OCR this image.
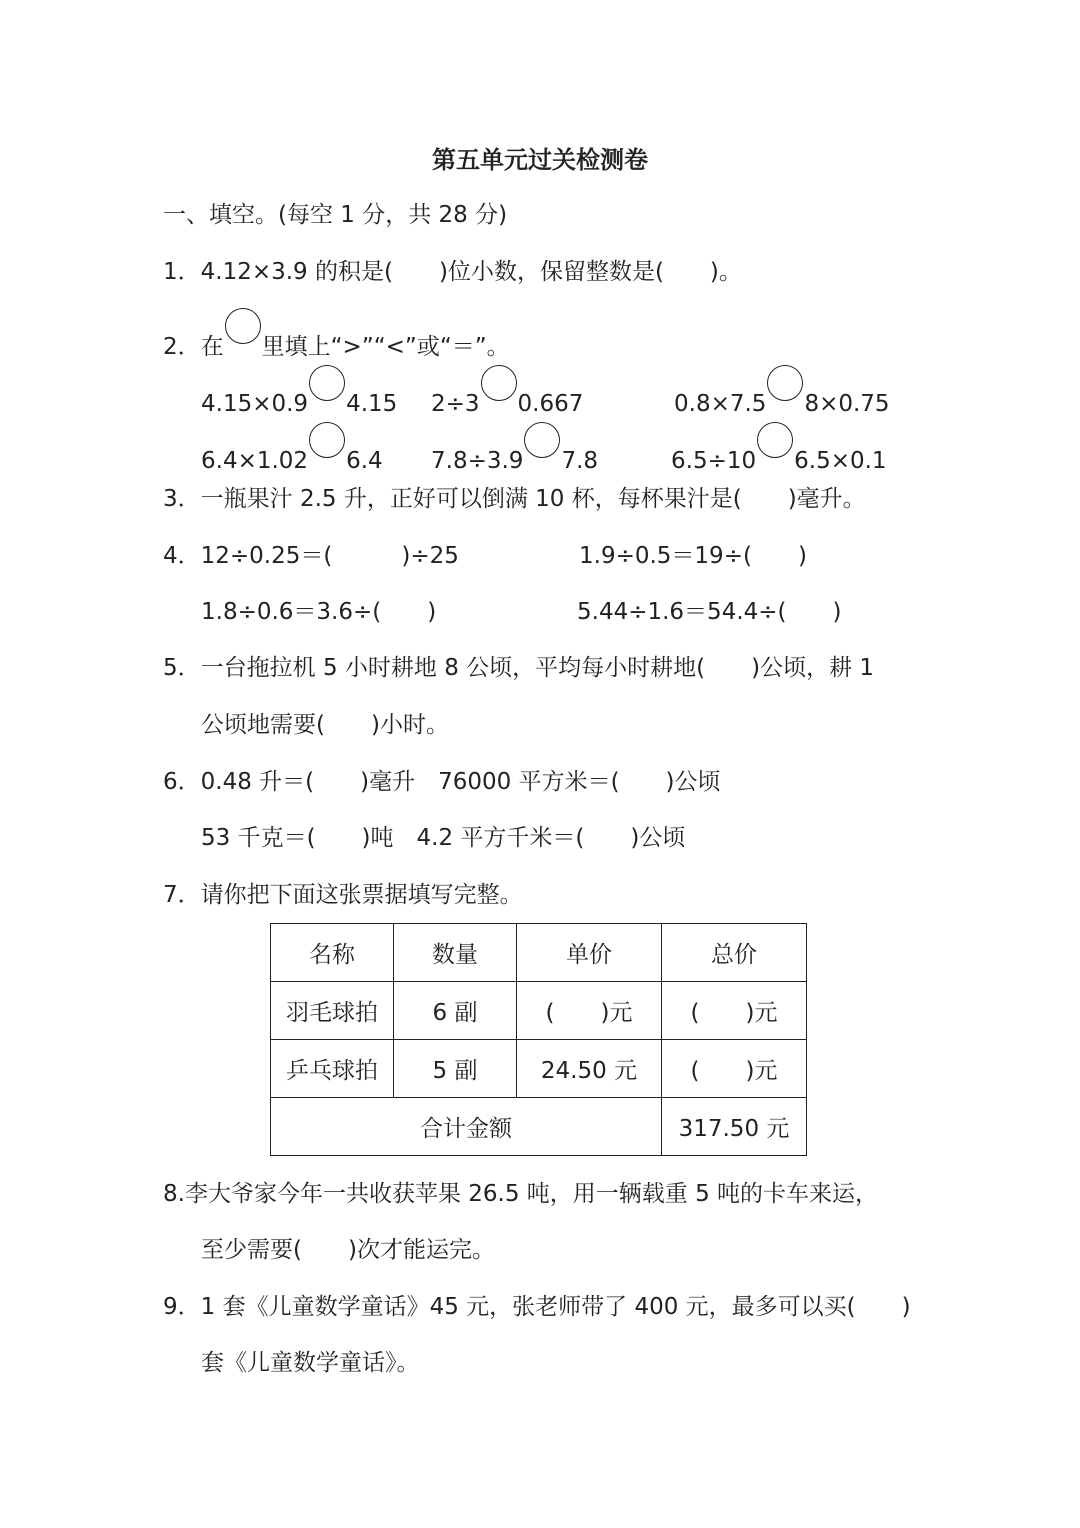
第五单元过关检测卷
一、填空。(每空 1 分，共 28 分)
1．4.12×3.9 的积是(　　)位小数，保留整数是(　　)。
2．在 里填上“>”“<”或“＝”。
4.15×0.9 4.15 2÷3 0.667	0.8×7.5 8×0.75
6.4×1.02 6.4 7.8÷3.9 7.8	6.5÷10 6.5×0.1
3．一瓶果汁 2.5 升，正好可以倒满 10 杯，每杯果汁是(　　)毫升。
4．12÷0.25＝(　　　)÷25	1.9÷0.5＝19÷(　　)
1.8÷0.6＝3.6÷(　　)	5.44÷1.6＝54.4÷(　　)
5．一台拖拉机 5 小时耕地 8 公顷，平均每小时耕地(　　)公顷，耕 1
公顷地需要(　　)小时。
6．0.48 升＝(　　)毫升　76000 平方米＝(　　)公顷
53 千克＝(　　)吨　4.2 平方千米＝(　　)公顷
7．请你把下面这张票据填写完整。
名称	数量	单价	总价
羽毛球拍	6 副	(　　)元	(　　)元
乒乓球拍	5 副	24.50 元	(　　)元
合计金额			317.50 元
8.李大爷家今年一共收获苹果 26.5 吨，用一辆载重 5 吨的卡车来运，
至少需要(　　)次才能运完。
9．1 套《儿童数学童话》45 元，张老师带了 400 元，最多可以买(　　)
套《儿童数学童话》。
